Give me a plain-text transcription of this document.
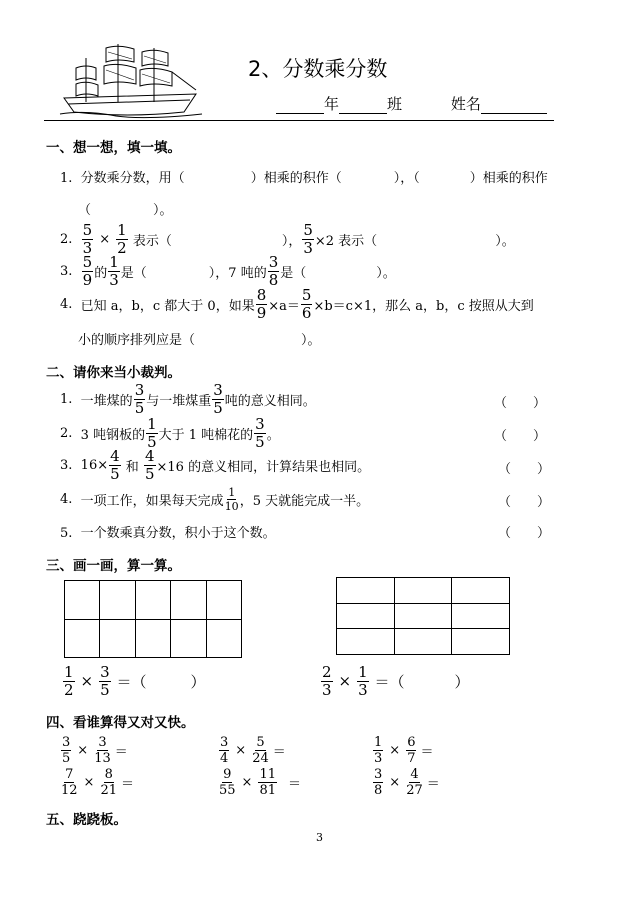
2、分数乘分数
年	班	姓名
一、想一想，填一填。
1. 分数乘分数，用（	）相乘的积作（	），（	）相乘的积作
（	）。
2.
$\frac{5}{3} \times \frac{1}{2}$
表示（	）， $\frac{5}{3} \times 2$ 表示（	）。
3.
$\frac{5}{9}$ 的 $\frac{1}{3}$ 是（	），7 吨的 $\frac{3}{8}$ 是（	）。
4.
已知 a，b，c 都大于 0，如果 $\frac{8}{9} \times a= \frac{5}{6} \times b=c\times 1$，那么 a，b，c 按照从大到
小的顺序排列应是（	）。
二、请你来当小裁判。
1.
一堆煤的 $\frac{3}{5}$ 与一堆煤重 $\frac{3}{5}$ 吨的意义相同。	（　　）
2.
3 吨钢板的 $\frac{1}{5}$ 大于 1 吨棉花的 $\frac{3}{5}$ 。	（　　）
3.
$16\times \frac{4}{5}$
和
$\frac{4}{5} \times 16$ 的意义相同，计算结果也相同。	（　　）
4.
一项工作，如果每天完成 $\frac{1}{10}$ ，5 天就能完成一半。	（　　）
5. 一个数乘真分数，积小于这个数。	（　　）
三、画一画，算一算。

$\frac{1}{2} \times \frac{3}{5}$
＝（	）	$\frac{2}{3} \times \frac{1}{3}$
＝（	）
四、看谁算得又对又快。
$\frac{3}{5} \times \frac{3}{13}$ ＝	$\frac{3}{4} \times \frac{5}{24}$ ＝	$\frac{1}{3} \times \frac{6}{7}$ ＝
$\frac{7}{12} \times \frac{8}{21}$ ＝	$\frac{9}{55} \times \frac{11}{81}$ ＝	$\frac{3}{8} \times \frac{4}{27}$ ＝
五、跷跷板。
3
